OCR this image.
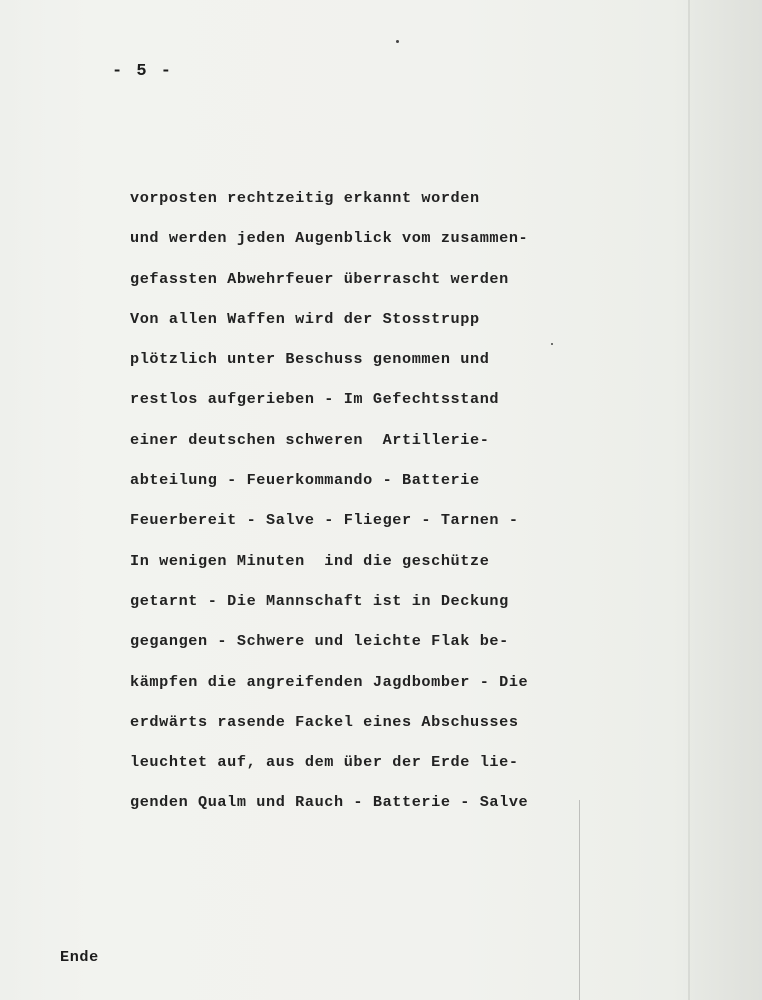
- 5 -
vorposten rechtzeitig erkannt worden
und werden jeden Augenblick vom zusammen-
gefassten Abwehrfeuer überrascht werden
Von allen Waffen wird der Stosstrupp
plötzlich unter Beschuss genommen und
restlos aufgerieben - Im Gefechtsstand
einer deutschen schweren  Artillerie-
abteilung - Feuerkommando - Batterie
Feuerbereit - Salve - Flieger - Tarnen -
In wenigen Minuten  ind die geschütze
getarnt - Die Mannschaft ist in Deckung
gegangen - Schwere und leichte Flak be-
kämpfen die angreifenden Jagdbomber - Die
erdwärts rasende Fackel eines Abschusses
leuchtet auf, aus dem über der Erde lie-
genden Qualm und Rauch - Batterie - Salve
Ende
